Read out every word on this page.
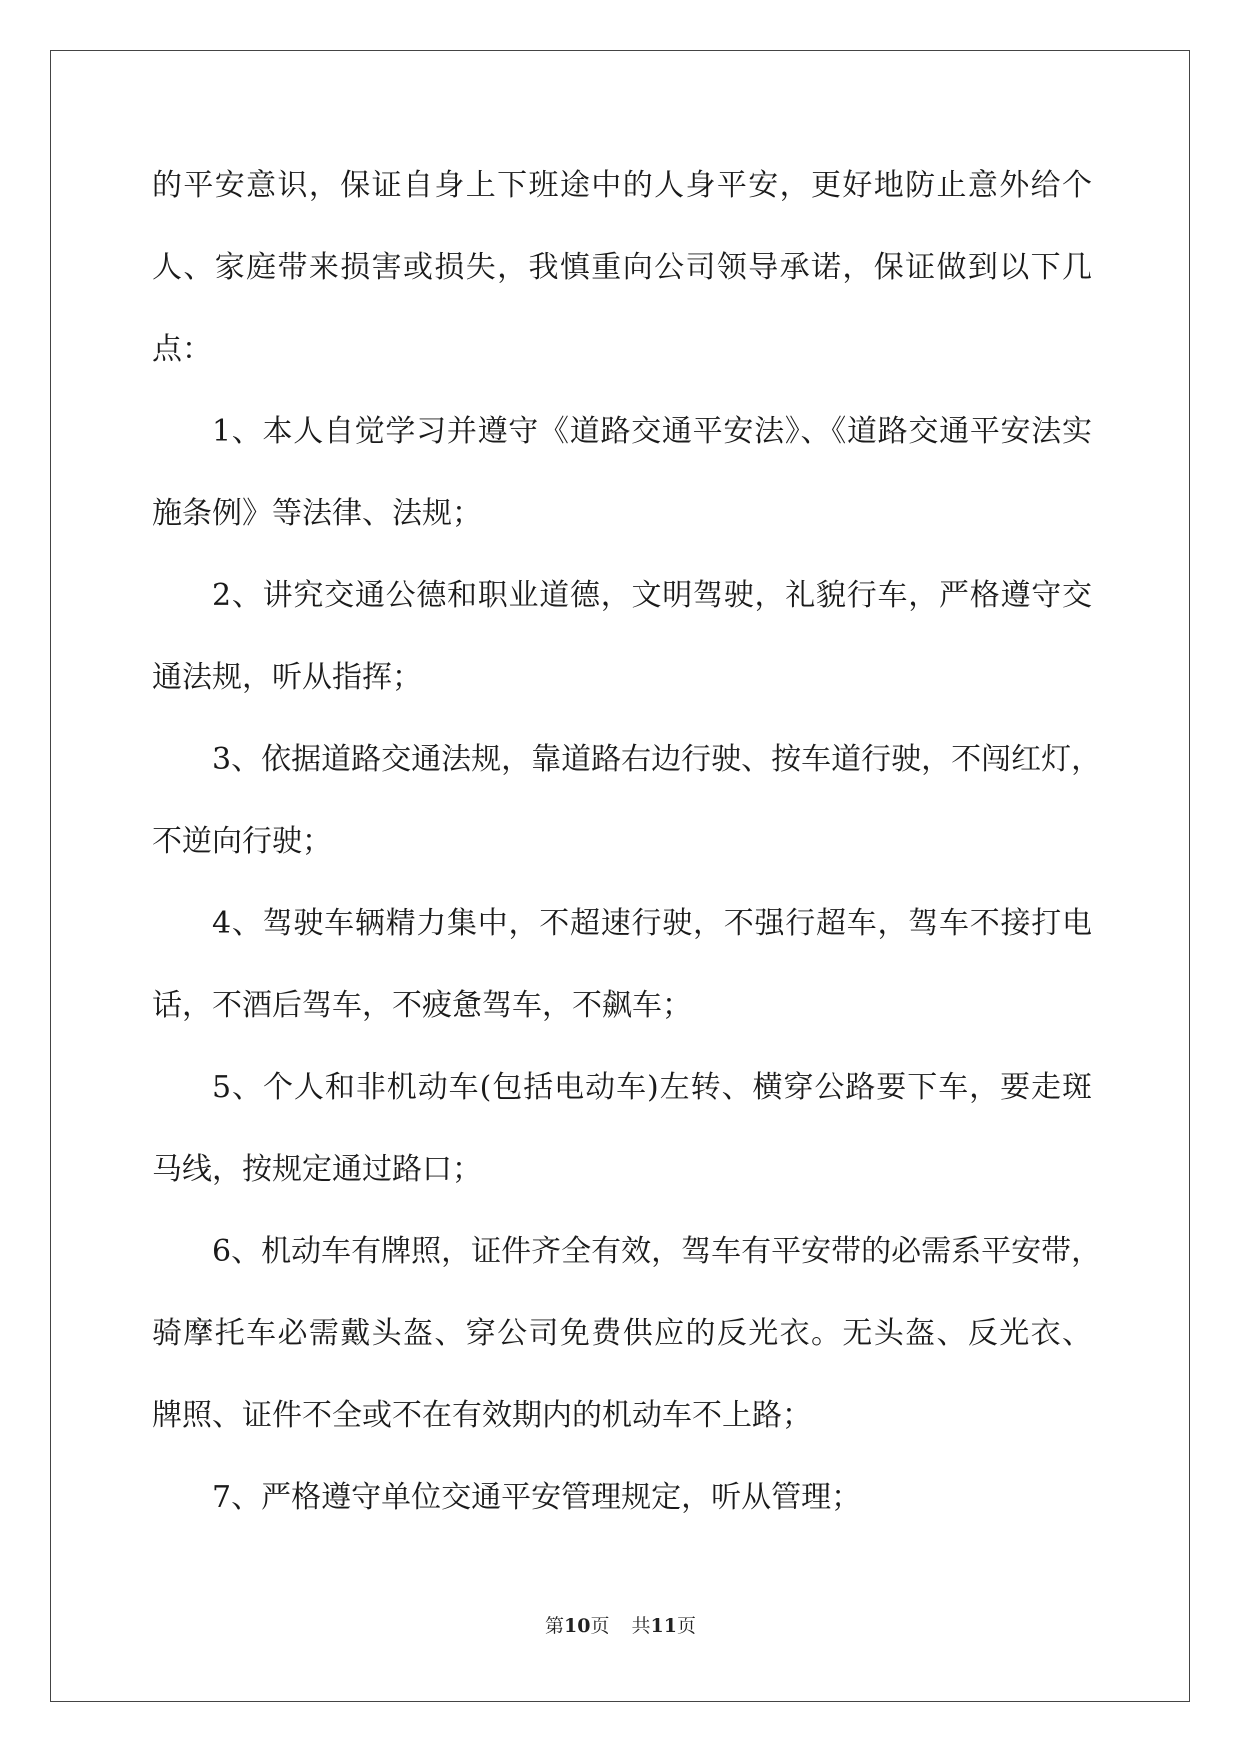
的平安意识，保证自身上下班途中的人身平安，更好地防止意外给个
人、家庭带来损害或损失，我慎重向公司领导承诺，保证做到以下几
点：
1、本人自觉学习并遵守《道路交通平安法》、《道路交通平安法实
施条例》等法律、法规；
2、讲究交通公德和职业道德，文明驾驶，礼貌行车，严格遵守交
通法规，听从指挥；
3、依据道路交通法规，靠道路右边行驶、按车道行驶，不闯红灯，
不逆向行驶；
4、驾驶车辆精力集中，不超速行驶，不强行超车，驾车不接打电
话，不酒后驾车，不疲惫驾车，不飙车；
5、个人和非机动车(包括电动车)左转、横穿公路要下车，要走斑
马线，按规定通过路口；
6、机动车有牌照，证件齐全有效，驾车有平安带的必需系平安带，
骑摩托车必需戴头盔、穿公司免费供应的反光衣。无头盔、反光衣、
牌照、证件不全或不在有效期内的机动车不上路；
7、严格遵守单位交通平安管理规定，听从管理；
第10页 共11页
